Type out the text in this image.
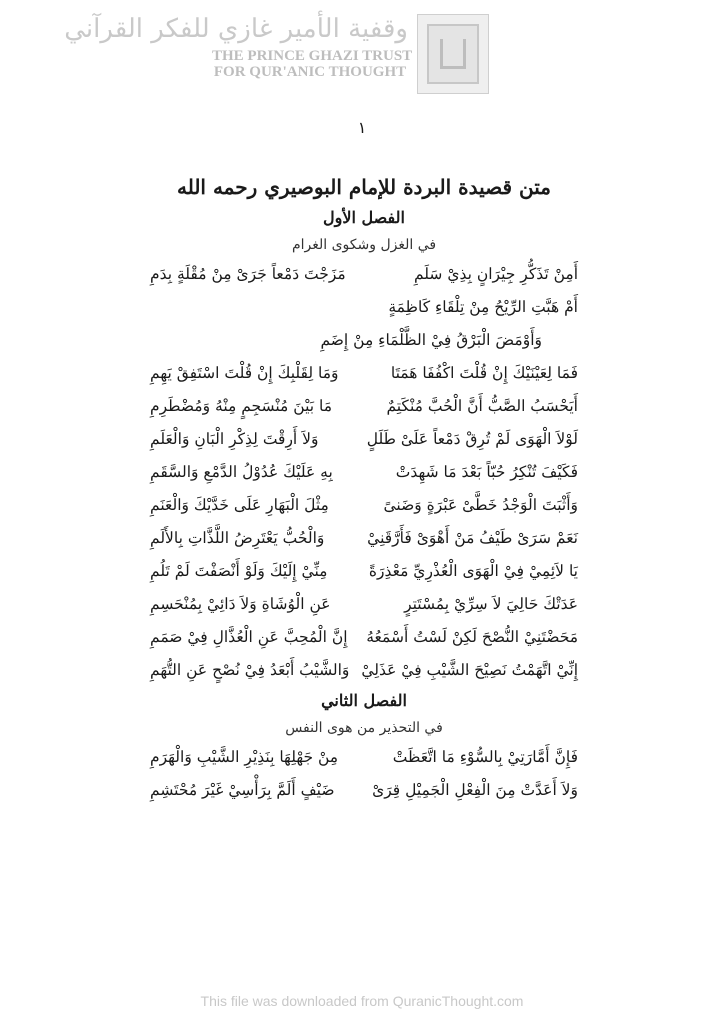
وقفية الأمير غازي للفكر القرآني
THE PRINCE GHAZI TRUST
FOR QUR'ANIC THOUGHT
١
متن قصيدة البردة للإمام البوصيري رحمه الله
الفصل الأول
في الغزل وشكوى الغرام
أَمِنْ تَذَكُّرِ جِيْرَانٍ بِذِيْ سَلَمِ
مَزَجْتَ دَمْعاً جَرَىْ مِنْ مُقْلَةٍ بِدَمِ
أَمْ هَبَّتِ الرِّيْحُ مِنْ تِلْقَاءِ كَاظِمَةٍ
وَأَوْمَضَ الْبَرْقُ فِيْ الظَّلْمَاءِ مِنْ إِضَمِ
فَمَا لِعَيْنَيْكَ إِنْ قُلْتَ اكْفُفَا هَمَتَا
وَمَا لِقَلْبِكَ إِنْ قُلْتَ اسْتَفِقْ يَهِمِ
أَيَحْسَبُ الصَّبُّ أَنَّ الْحُبَّ مُنْكَتِمٌ
مَا بَيْنَ مُنْسَجِمٍ مِنْهُ وَمُضْطَرِمِ
لَوْلاَ الْهَوَى لَمْ تُرِقْ دَمْعاً عَلَىْ طَلَلٍ
وَلاَ أَرِقْتَ لِذِكْرِ الْبَانِ وَالْعَلَمِ
فَكَيْفَ تُنْكِرُ حُبّاً بَعْدَ مَا شَهِدَتْ
بِهِ عَلَيْكَ عُدُوْلُ الدَّمْعِ وَالسَّقَمِ
وَأَثْبَتَ الْوَجْدُ خَطَّىْ عَبْرَةٍ وَضَنىً
مِثْلَ الْبَهَارِ عَلَى خَدَّيْكَ وَالْعَنَمِ
نَعَمْ سَرَىْ طَيْفُ مَنْ أَهْوَىْ فَأَرَّقَنِيْ
وَالْحُبُّ يَعْتَرِضُ اللَّذَّاتِ بِالأَلَمِ
يَا لاَئِمِيْ فِيْ الْهَوَى الْعُذْرِيِّ مَعْذِرَةً
مِنِّيْ إِلَيْكَ وَلَوْ أَنْصَفْتَ لَمْ تَلُمِ
عَدَتْكَ حَالِيَ لاَ سِرِّيْ بِمُسْتَتِرٍ
عَنِ الْوُشَاةِ وَلاَ دَائِيْ بِمُنْحَسِمِ
مَحَضْتَنِيْ النُّصْحَ لَكِنْ لَسْتُ أَسْمَعُهُ
إِنَّ الْمُحِبَّ عَنِ الْعُذَّالِ فِيْ صَمَمِ
إِنِّيْ اتَّهَمْتُ نَصِيْحَ الشَّيْبِ فِيْ عَذَلِيْ
وَالشَّيْبُ أَبْعَدُ فِيْ نُصْحٍ عَنِ التُّهَمِ
الفصل الثاني
في التحذير من هوى النفس
فَإِنَّ أَمَّارَتِيْ بِالسُّوْءِ مَا اتَّعَظَتْ
مِنْ جَهْلِهَا بِنَذِيْرِ الشَّيْبِ وَالْهَرَمِ
وَلاَ أَعَدَّتْ مِنَ الْفِعْلِ الْجَمِيْلِ قِرَىْ
ضَيْفٍ أَلَمَّ بِرَأْسِيْ غَيْرَ مُحْتَشِمِ
This file was downloaded from QuranicThought.com
